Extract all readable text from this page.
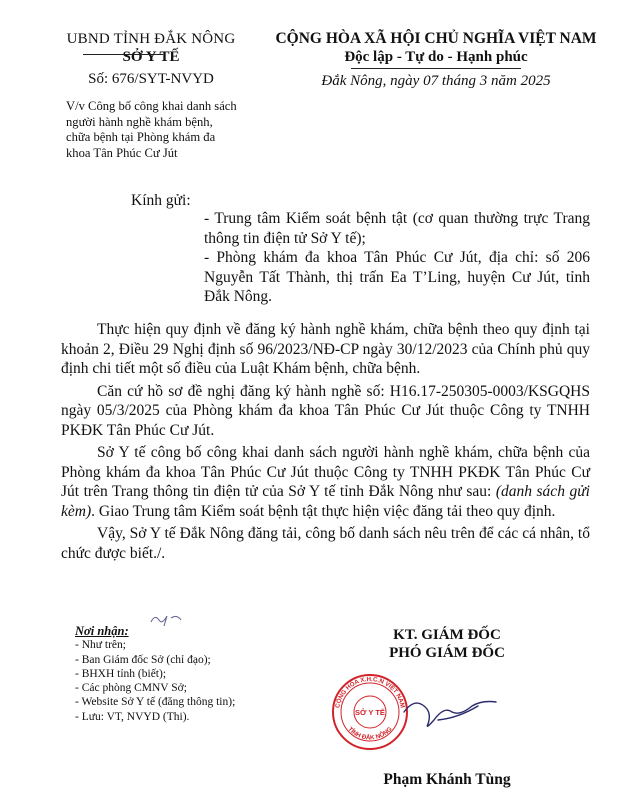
UBND TỈNH ĐẮK NÔNG
SỞ Y TẾ
Số: 676/SYT-NVYD
V/v Công bố công khai danh sách
người hành nghề khám bệnh,
chữa bệnh tại Phòng khám đa
khoa Tân Phúc Cư Jút
CỘNG HÒA XÃ HỘI CHỦ NGHĨA VIỆT NAM
Độc lập - Tự do - Hạnh phúc
Đắk Nông, ngày 07 tháng 3 năm 2025
Kính gửi:

- Trung tâm Kiểm soát bệnh tật (cơ quan thường trực Trang thông tin điện tử Sở Y tế);

- Phòng khám đa khoa Tân Phúc Cư Jút, địa chỉ: số 206 Nguyễn Tất Thành, thị trấn Ea T’Ling, huyện Cư Jút, tỉnh Đắk Nông.

Thực hiện quy định về đăng ký hành nghề khám, chữa bệnh theo quy định tại khoản 2, Điều 29 Nghị định số 96/2023/NĐ-CP ngày 30/12/2023 của Chính phủ quy định chi tiết một số điều của Luật Khám bệnh, chữa bệnh.

Căn cứ hồ sơ đề nghị đăng ký hành nghề số: H16.17-250305-0003/KSGQHS ngày 05/3/2025 của Phòng khám đa khoa Tân Phúc Cư Jút thuộc Công ty TNHH PKĐK Tân Phúc Cư Jút.

Sở Y tế công bố công khai danh sách người hành nghề khám, chữa bệnh của Phòng khám đa khoa Tân Phúc Cư Jút thuộc Công ty TNHH PKĐK Tân Phúc Cư Jút trên Trang thông tin điện tử của Sở Y tế tỉnh Đắk Nông như sau: (danh sách gửi kèm). Giao Trung tâm Kiểm soát bệnh tật thực hiện việc đăng tải theo quy định.

Vậy, Sở Y tế Đắk Nông đăng tải, công bố danh sách nêu trên để các cá nhân, tổ chức được biết./.

Nơi nhận:
- Như trên;
- Ban Giám đốc Sở (chỉ đạo);
- BHXH tỉnh (biết);
- Các phòng CMNV Sở;
- Website Sở Y tế (đăng thông tin);
- Lưu: VT, NVYD (Thi).
KT. GIÁM ĐỐC
PHÓ GIÁM ĐỐC
CỘNG HÒA X.H.C.N VIỆT NAM
TỈNH ĐẮK NÔNG
SỞ Y TẾ
Phạm Khánh Tùng
